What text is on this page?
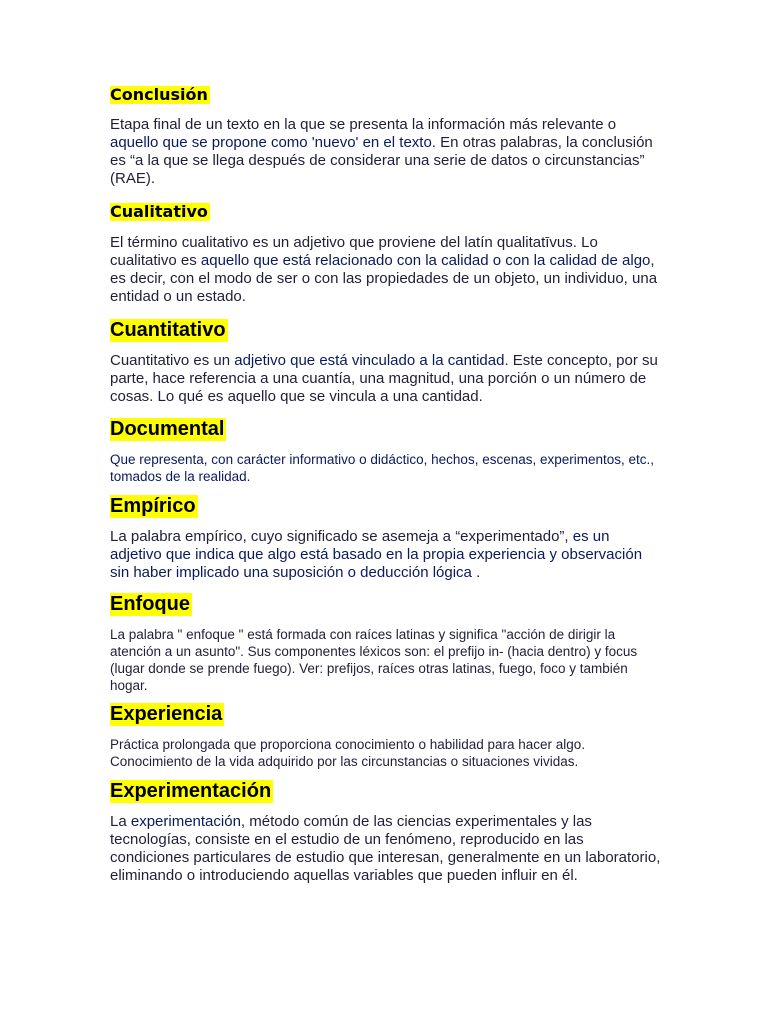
Conclusión

Etapa final de un texto en la que se presenta la información más relevante o aquello que se propone como 'nuevo' en el texto. En otras palabras, la conclusión es “a la que se llega después de considerar una serie de datos o circunstancias” (RAE).

Cualitativo

El término cualitativo es un adjetivo que proviene del latín qualitatīvus. Lo cualitativo es aquello que está relacionado con la calidad o con la calidad de algo, es decir, con el modo de ser o con las propiedades de un objeto, un individuo, una entidad o un estado.

Cuantitativo

Cuantitativo es un adjetivo que está vinculado a la cantidad. Este concepto, por su parte, hace referencia a una cuantía, una magnitud, una porción o un número de cosas. Lo qué es aquello que se vincula a una cantidad.

Documental

Que representa, con carácter informativo o didáctico, hechos, escenas, experimentos, etc., tomados de la realidad.

Empírico

La palabra empírico, cuyo significado se asemeja a “experimentado”, es un adjetivo que indica que algo está basado en la propia experiencia y observación sin haber implicado una suposición o deducción lógica .

Enfoque

La palabra " enfoque " está formada con raíces latinas y significa "acción de dirigir la atención a un asunto". Sus componentes léxicos son: el prefijo in- (hacia dentro) y focus (lugar donde se prende fuego). Ver: prefijos, raíces otras latinas, fuego, foco y también hogar.

Experiencia

Práctica prolongada que proporciona conocimiento o habilidad para hacer algo. Conocimiento de la vida adquirido por las circunstancias o situaciones vividas.

Experimentación

La experimentación, método común de las ciencias experimentales y las tecnologías, consiste en el estudio de un fenómeno, reproducido en las condiciones particulares de estudio que interesan, generalmente en un laboratorio, eliminando o introduciendo aquellas variables que pueden influir en él.
